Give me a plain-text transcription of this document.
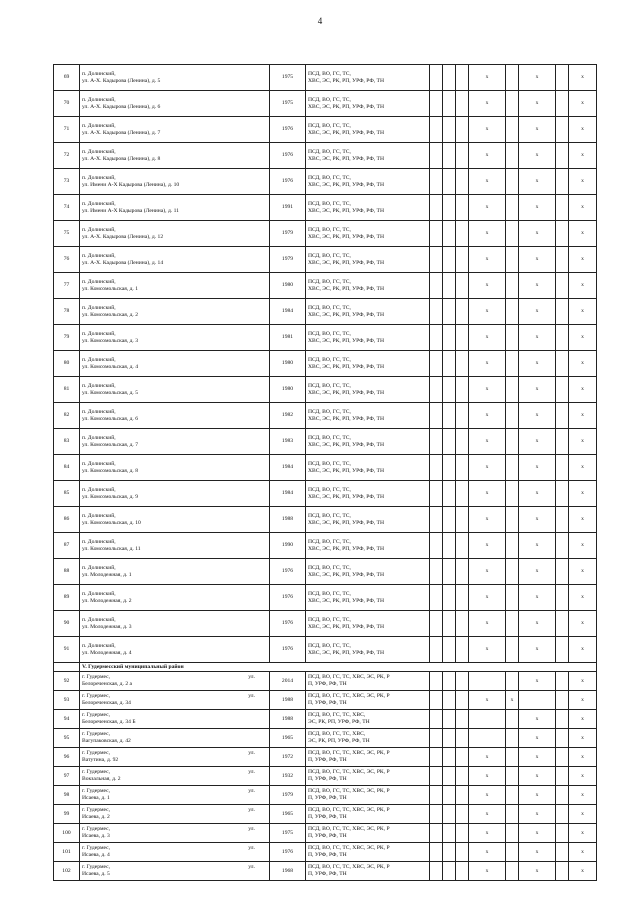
4
69	п. Долинский,
ул. А-Х. Кадырова (Ленина), д. 5	1975	ПСД, ВО, ГС, ТС,
ХВС, ЭС, РК, РП, УРФ, РФ, ТН				x		x		x
70	п. Долинский,
ул. А-Х. Кадырова (Ленина), д. 6	1975	ПСД, ВО, ГС, ТС,
ХВС, ЭС, РК, РП, УРФ, РФ, ТН				x		x		x
71	п. Долинский,
ул. А-Х. Кадырова (Ленина), д. 7	1976	ПСД, ВО, ГС, ТС,
ХВС, ЭС, РК, РП, УРФ, РФ, ТН				x		x		x
72	п. Долинский,
ул. А-Х. Кадырова (Ленина), д. 8	1976	ПСД, ВО, ГС, ТС,
ХВС, ЭС, РК, РП, УРФ, РФ, ТН				x		x		x
73	п. Долинский,
ул. Имени А-Х Кадырова (Ленина), д. 10	1976	ПСД, ВО, ГС, ТС,
ХВС, ЭС, РК, РП, УРФ, РФ, ТН				x		x		x
74	п. Долинский,
ул. Имени А-Х Кадырова (Ленина), д. 11	1991	ПСД, ВО, ГС, ТС,
ХВС, ЭС, РК, РП, УРФ, РФ, ТН				x		x		x
75	п. Долинский,
ул. А-Х. Кадырова (Ленина), д. 12	1979	ПСД, ВО, ГС, ТС,
ХВС, ЭС, РК, РП, УРФ, РФ, ТН				x		x		x
76	п. Долинский,
ул. А-Х. Кадырова (Ленина), д. 14	1979	ПСД, ВО, ГС, ТС,
ХВС, ЭС, РК, РП, УРФ, РФ, ТН				x		x		x
77	п. Долинский,
ул. Комсомольская, д. 1	1980	ПСД, ВО, ГС, ТС,
ХВС, ЭС, РК, РП, УРФ, РФ, ТН				x		x		x
78	п. Долинский,
ул. Комсомольская, д. 2	1984	ПСД, ВО, ГС, ТС,
ХВС, ЭС, РК, РП, УРФ, РФ, ТН				x		x		x
79	п. Долинский,
ул. Комсомольская, д. 3	1981	ПСД, ВО, ГС, ТС,
ХВС, ЭС, РК, РП, УРФ, РФ, ТН				x		x		x
80	п. Долинский,
ул. Комсомольская, д. 4	1980	ПСД, ВО, ГС, ТС,
ХВС, ЭС, РК, РП, УРФ, РФ, ТН				x		x		x
81	п. Долинский,
ул. Комсомольская, д. 5	1980	ПСД, ВО, ГС, ТС,
ХВС, ЭС, РК, РП, УРФ, РФ, ТН				x		x		x
82	п. Долинский,
ул. Комсомольская, д. 6	1982	ПСД, ВО, ГС, ТС,
ХВС, ЭС, РК, РП, УРФ, РФ, ТН				x		x		x
83	п. Долинский,
ул. Комсомольская, д. 7	1983	ПСД, ВО, ГС, ТС,
ХВС, ЭС, РК, РП, УРФ, РФ, ТН				x		x		x
84	п. Долинский,
ул. Комсомольская, д. 8	1984	ПСД, ВО, ГС, ТС,
ХВС, ЭС, РК, РП, УРФ, РФ, ТН				x		x		x
85	п. Долинский,
ул. Комсомольская, д. 9	1984	ПСД, ВО, ГС, ТС,
ХВС, ЭС, РК, РП, УРФ, РФ, ТН				x		x		x
86	п. Долинский,
ул. Комсомольская, д. 10	1988	ПСД, ВО, ГС, ТС,
ХВС, ЭС, РК, РП, УРФ, РФ, ТН				x		x		x
87	п. Долинский,
ул. Комсомольская, д. 11	1990	ПСД, ВО, ГС, ТС,
ХВС, ЭС, РК, РП, УРФ, РФ, ТН				x		x		x
88	п. Долинский,
ул. Молодежная, д. 1	1976	ПСД, ВО, ГС, ТС,
ХВС, ЭС, РК, РП, УРФ, РФ, ТН				x		x		x
89	п. Долинский,
ул. Молодежная, д. 2	1976	ПСД, ВО, ГС, ТС,
ХВС, ЭС, РК, РП, УРФ, РФ, ТН				x		x		x
90	п. Долинский,
ул. Молодежная, д. 3	1976	ПСД, ВО, ГС, ТС,
ХВС, ЭС, РК, РП, УРФ, РФ, ТН				x		x		x
91	п. Долинский,
ул. Молодежная, д. 4	1976	ПСД, ВО, ГС, ТС,
ХВС, ЭС, РК, РП, УРФ, РФ, ТН				x		x		x
	V. Гудермесский муниципальный район										
92	г. Гудермес, ул.
Белореченская, д. 2 а	2014	ПСД, ВО, ГС, ТС, ХВС, ЭС, РК, Р
П, УРФ, РФ, ТН						x		x
93	г. Гудермес, ул.
Белореченская, д. 34	1988	ПСД, ВО, ГС, ТС, ХВС, ЭС, РК, Р
П, УРФ, РФ, ТН				x	x			x
94	г. Гудермес,
Белореченская, д. 34 Б	1988	ПСД, ВО, ГС, ТС, ХВС,
ЭС, РК, РП, УРФ, РФ, ТН						x		x
95	г. Гудермес,
Вагупаковская, д. 42	1965	ПСД, ВО, ГС, ТС, ХВС,
ЭС, РК, РП, УРФ, РФ, ТН						x		x
96	г. Гудермес, ул.
Ватутина, д. 92	1972	ПСД, ВО, ГС, ТС, ХВС, ЭС, РК, Р
П, УРФ, РФ, ТН				x		x		x
97	г. Гудермес, ул.
Вокзальная, д. 2	1932	ПСД, ВО, ГС, ТС, ХВС, ЭС, РК, Р
П, УРФ, РФ, ТН				x		x		x
98	г. Гудермес, ул.
Исаева, д. 1	1979	ПСД, ВО, ГС, ТС, ХВС, ЭС, РК, Р
П, УРФ, РФ, ТН				x		x		x
99	г. Гудермес, ул.
Исаева, д. 2	1965	ПСД, ВО, ГС, ТС, ХВС, ЭС, РК, Р
П, УРФ, РФ, ТН				x		x		x
100	г. Гудермес, ул.
Исаева, д. 3	1975	ПСД, ВО, ГС, ТС, ХВС, ЭС, РК, Р
П, УРФ, РФ, ТН				x		x		x
101	г. Гудермес, ул.
Исаева, д. 4	1976	ПСД, ВО, ГС, ТС, ХВС, ЭС, РК, Р
П, УРФ, РФ, ТН				x		x		x
102	г. Гудермес, ул.
Исаева, д. 5	1968	ПСД, ВО, ГС, ТС, ХВС, ЭС, РК, Р
П, УРФ, РФ, ТН				x		x		x
